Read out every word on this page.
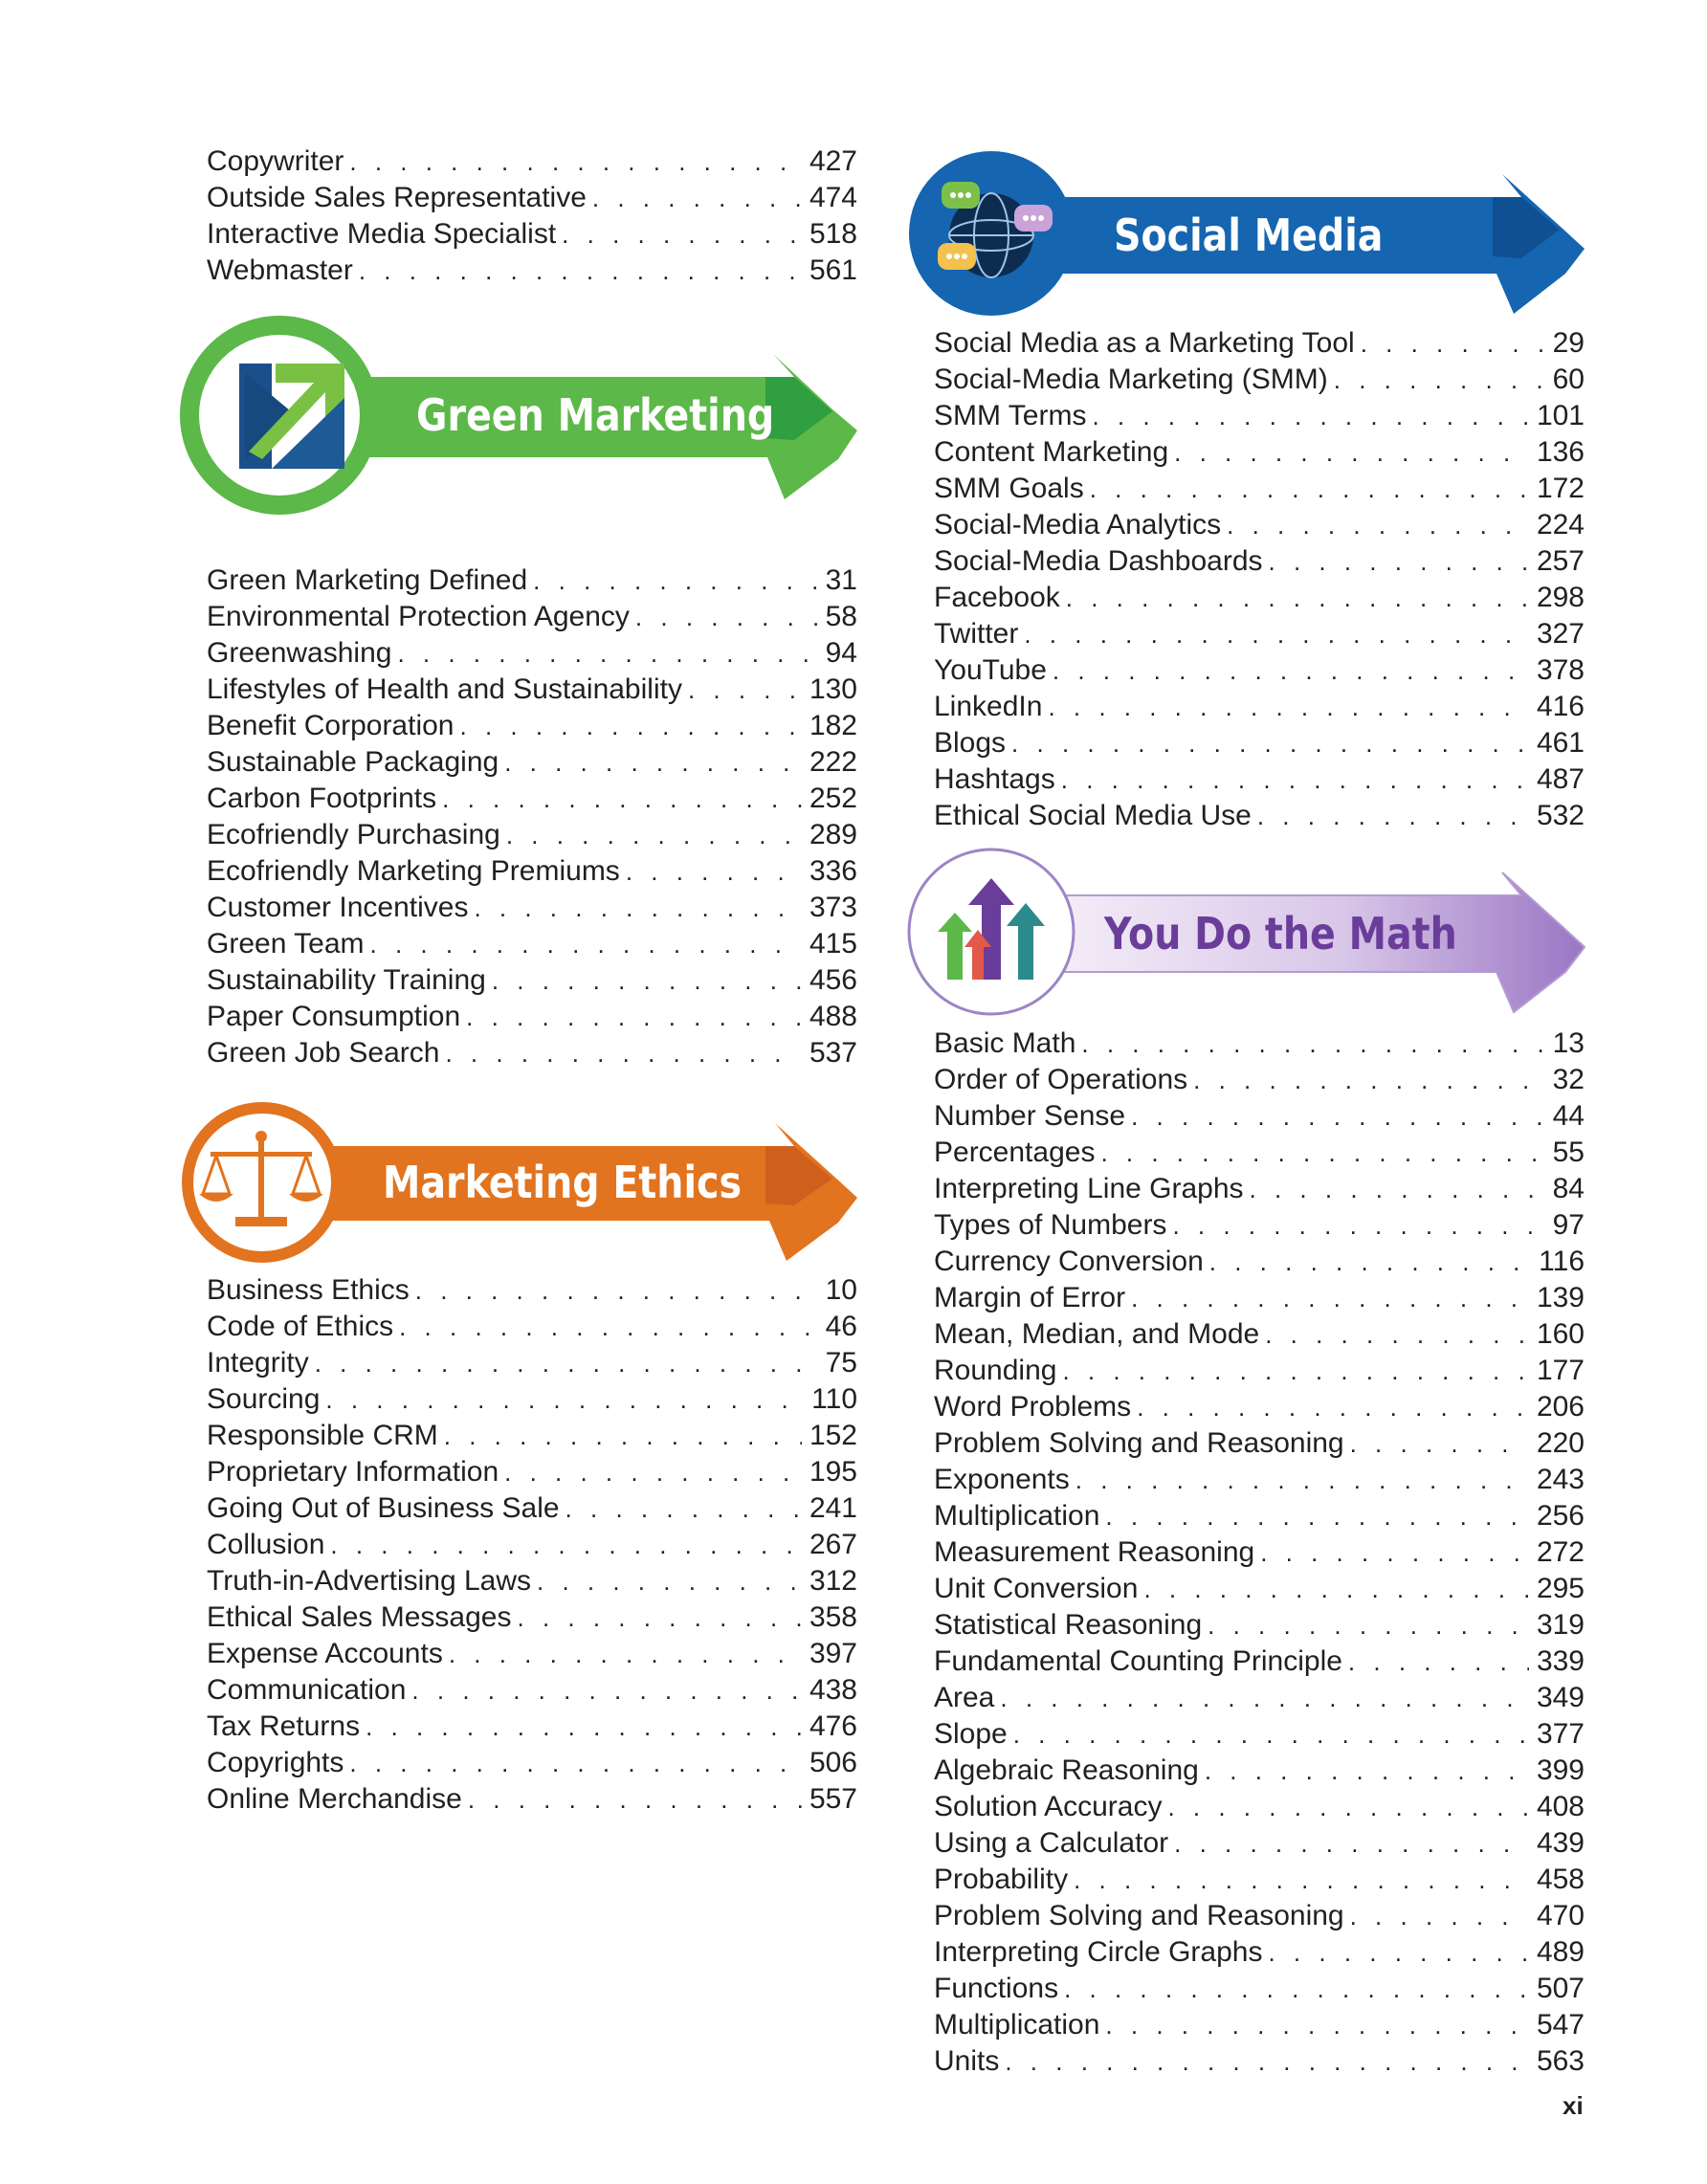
Copywriter . . .	427
Outside Sales Representative . . .	474
Interactive Media Specialist . . .	518
Webmaster . . .	561
Green Marketing
Green Marketing Defined . . .	31
Environmental Protection Agency . . .	58
Greenwashing . . .	94
Lifestyles of Health and Sustainability . . .	130
Benefit Corporation . . .	182
Sustainable Packaging . . .	222
Carbon Footprints . . .	252
Ecofriendly Purchasing . . .	289
Ecofriendly Marketing Premiums . . .	336
Customer Incentives . . .	373
Green Team . . .	415
Sustainability Training . . .	456
Paper Consumption . . .	488
Green Job Search . . .	537
Marketing Ethics
Business Ethics . . .	10
Code of Ethics . . .	46
Integrity . . .	75
Sourcing . . .	110
Responsible CRM . . .	152
Proprietary Information . . .	195
Going Out of Business Sale . . .	241
Collusion . . .	267
Truth-in-Advertising Laws . . .	312
Ethical Sales Messages . . .	358
Expense Accounts . . .	397
Communication . . .	438
Tax Returns . . .	476
Copyrights . . .	506
Online Merchandise . . .	557
Social Media
Social Media as a Marketing Tool . . .	29
Social-Media Marketing (SMM) . . .	60
SMM Terms . . .	101
Content Marketing . . .	136
SMM Goals . . .	172
Social-Media Analytics . . .	224
Social-Media Dashboards . . .	257
Facebook . . .	298
Twitter . . .	327
YouTube . . .	378
LinkedIn . . .	416
Blogs . . .	461
Hashtags . . .	487
Ethical Social Media Use . . .	532
You Do the Math
Basic Math . . .	13
Order of Operations . . .	32
Number Sense . . .	44
Percentages . . .	55
Interpreting Line Graphs . . .	84
Types of Numbers . . .	97
Currency Conversion . . .	116
Margin of Error . . .	139
Mean, Median, and Mode . . .	160
Rounding . . .	177
Word Problems . . .	206
Problem Solving and Reasoning . . .	220
Exponents . . .	243
Multiplication . . .	256
Measurement Reasoning . . .	272
Unit Conversion . . .	295
Statistical Reasoning . . .	319
Fundamental Counting Principle . . .	339
Area . . .	349
Slope . . .	377
Algebraic Reasoning . . .	399
Solution Accuracy . . .	408
Using a Calculator . . .	439
Probability . . .	458
Problem Solving and Reasoning . . .	470
Interpreting Circle Graphs . . .	489
Functions . . .	507
Multiplication . . .	547
Units . . .	563
xi
